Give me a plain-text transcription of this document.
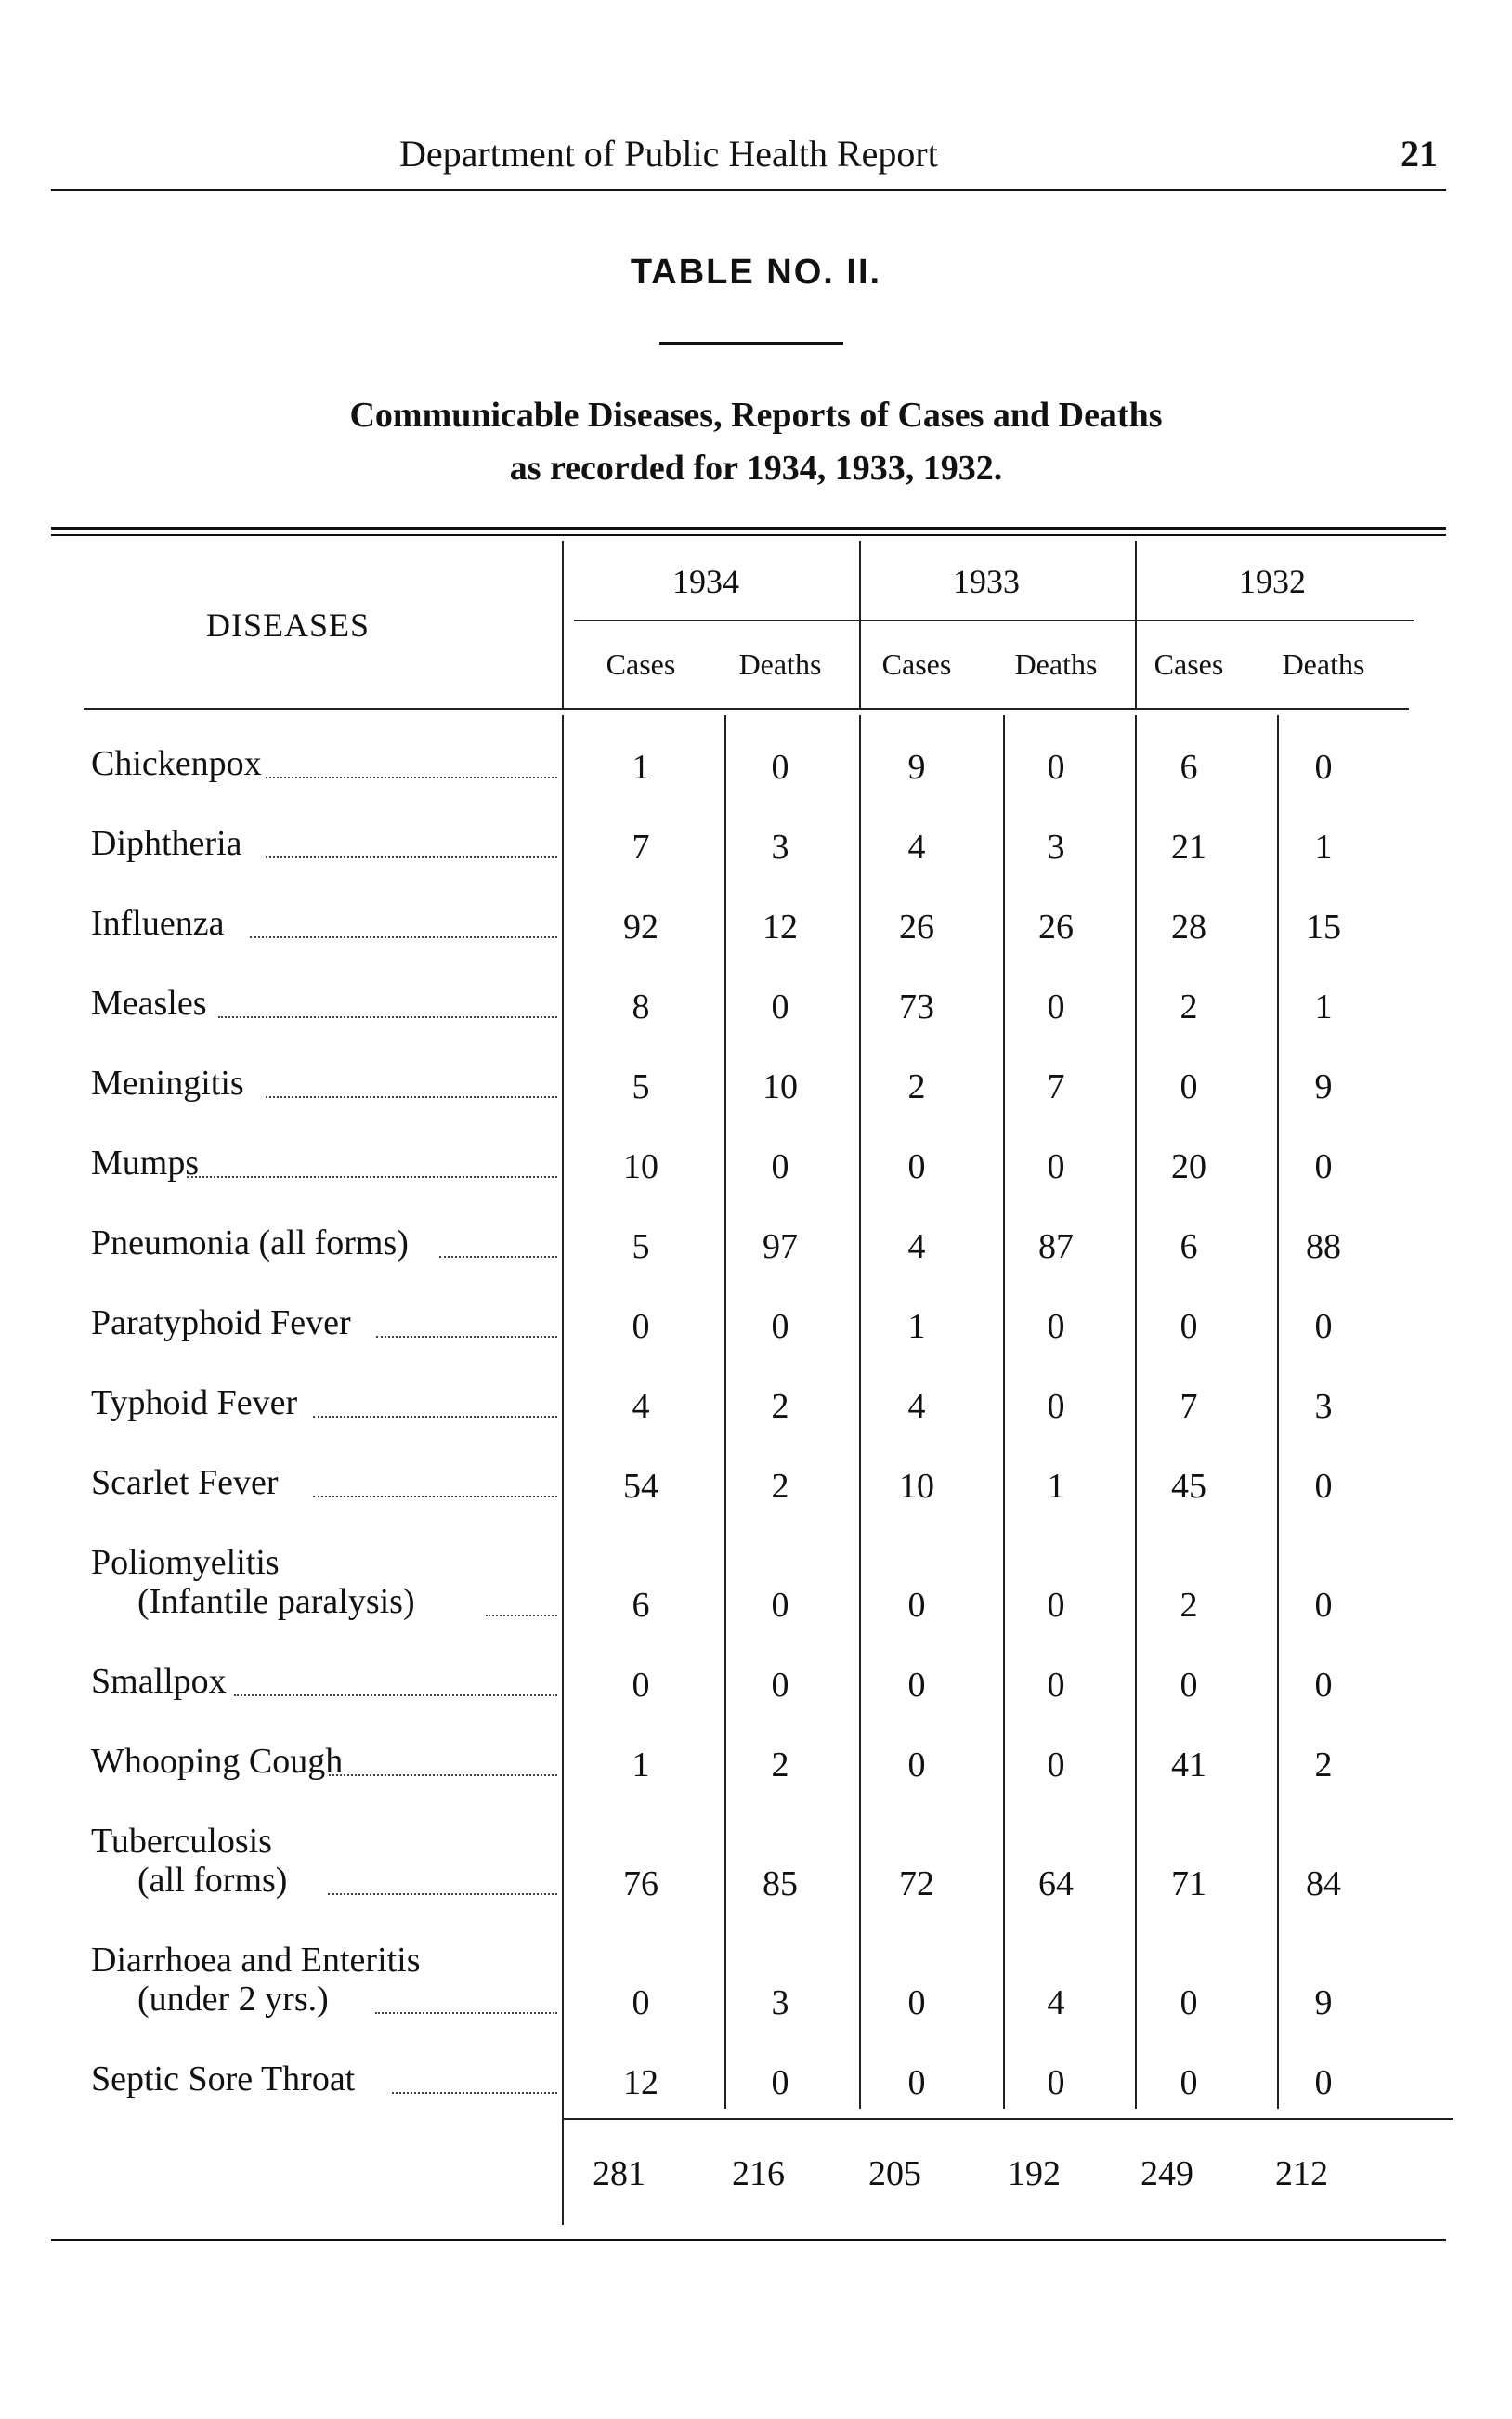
Department of Public Health Report	21
TABLE NO. II.
Communicable Diseases, Reports of Cases and Deaths
as recorded for 1934, 1933, 1932.
DISEASES
1934
Cases	Deaths
1933
Cases	Deaths
1932
Cases	Deaths
Chickenpox	1	0	9	0	6	0
Diphtheria	7	3	4	3	21	1
Influenza	92	12	26	26	28	15
Measles	8	0	73	0	2	1
Meningitis	5	10	2	7	0	9
Mumps	10	0	0	0	20	0
Pneumonia (all forms)	5	97	4	87	6	88
Paratyphoid Fever	0	0	1	0	0	0
Typhoid Fever	4	2	4	0	7	3
Scarlet Fever	54	2	10	1	45	0
Poliomyelitis
(Infantile paralysis)	6	0	0	0	2	0
Smallpox	0	0	0	0	0	0
Whooping Cough	1	2	0	0	41	2
Tuberculosis
(all forms)	76	85	72	64	71	84
Diarrhoea and Enteritis
(under 2 yrs.)	0	3	0	4	0	9
Septic Sore Throat	12	0	0	0	0	0
281 216 205 192 249 212
